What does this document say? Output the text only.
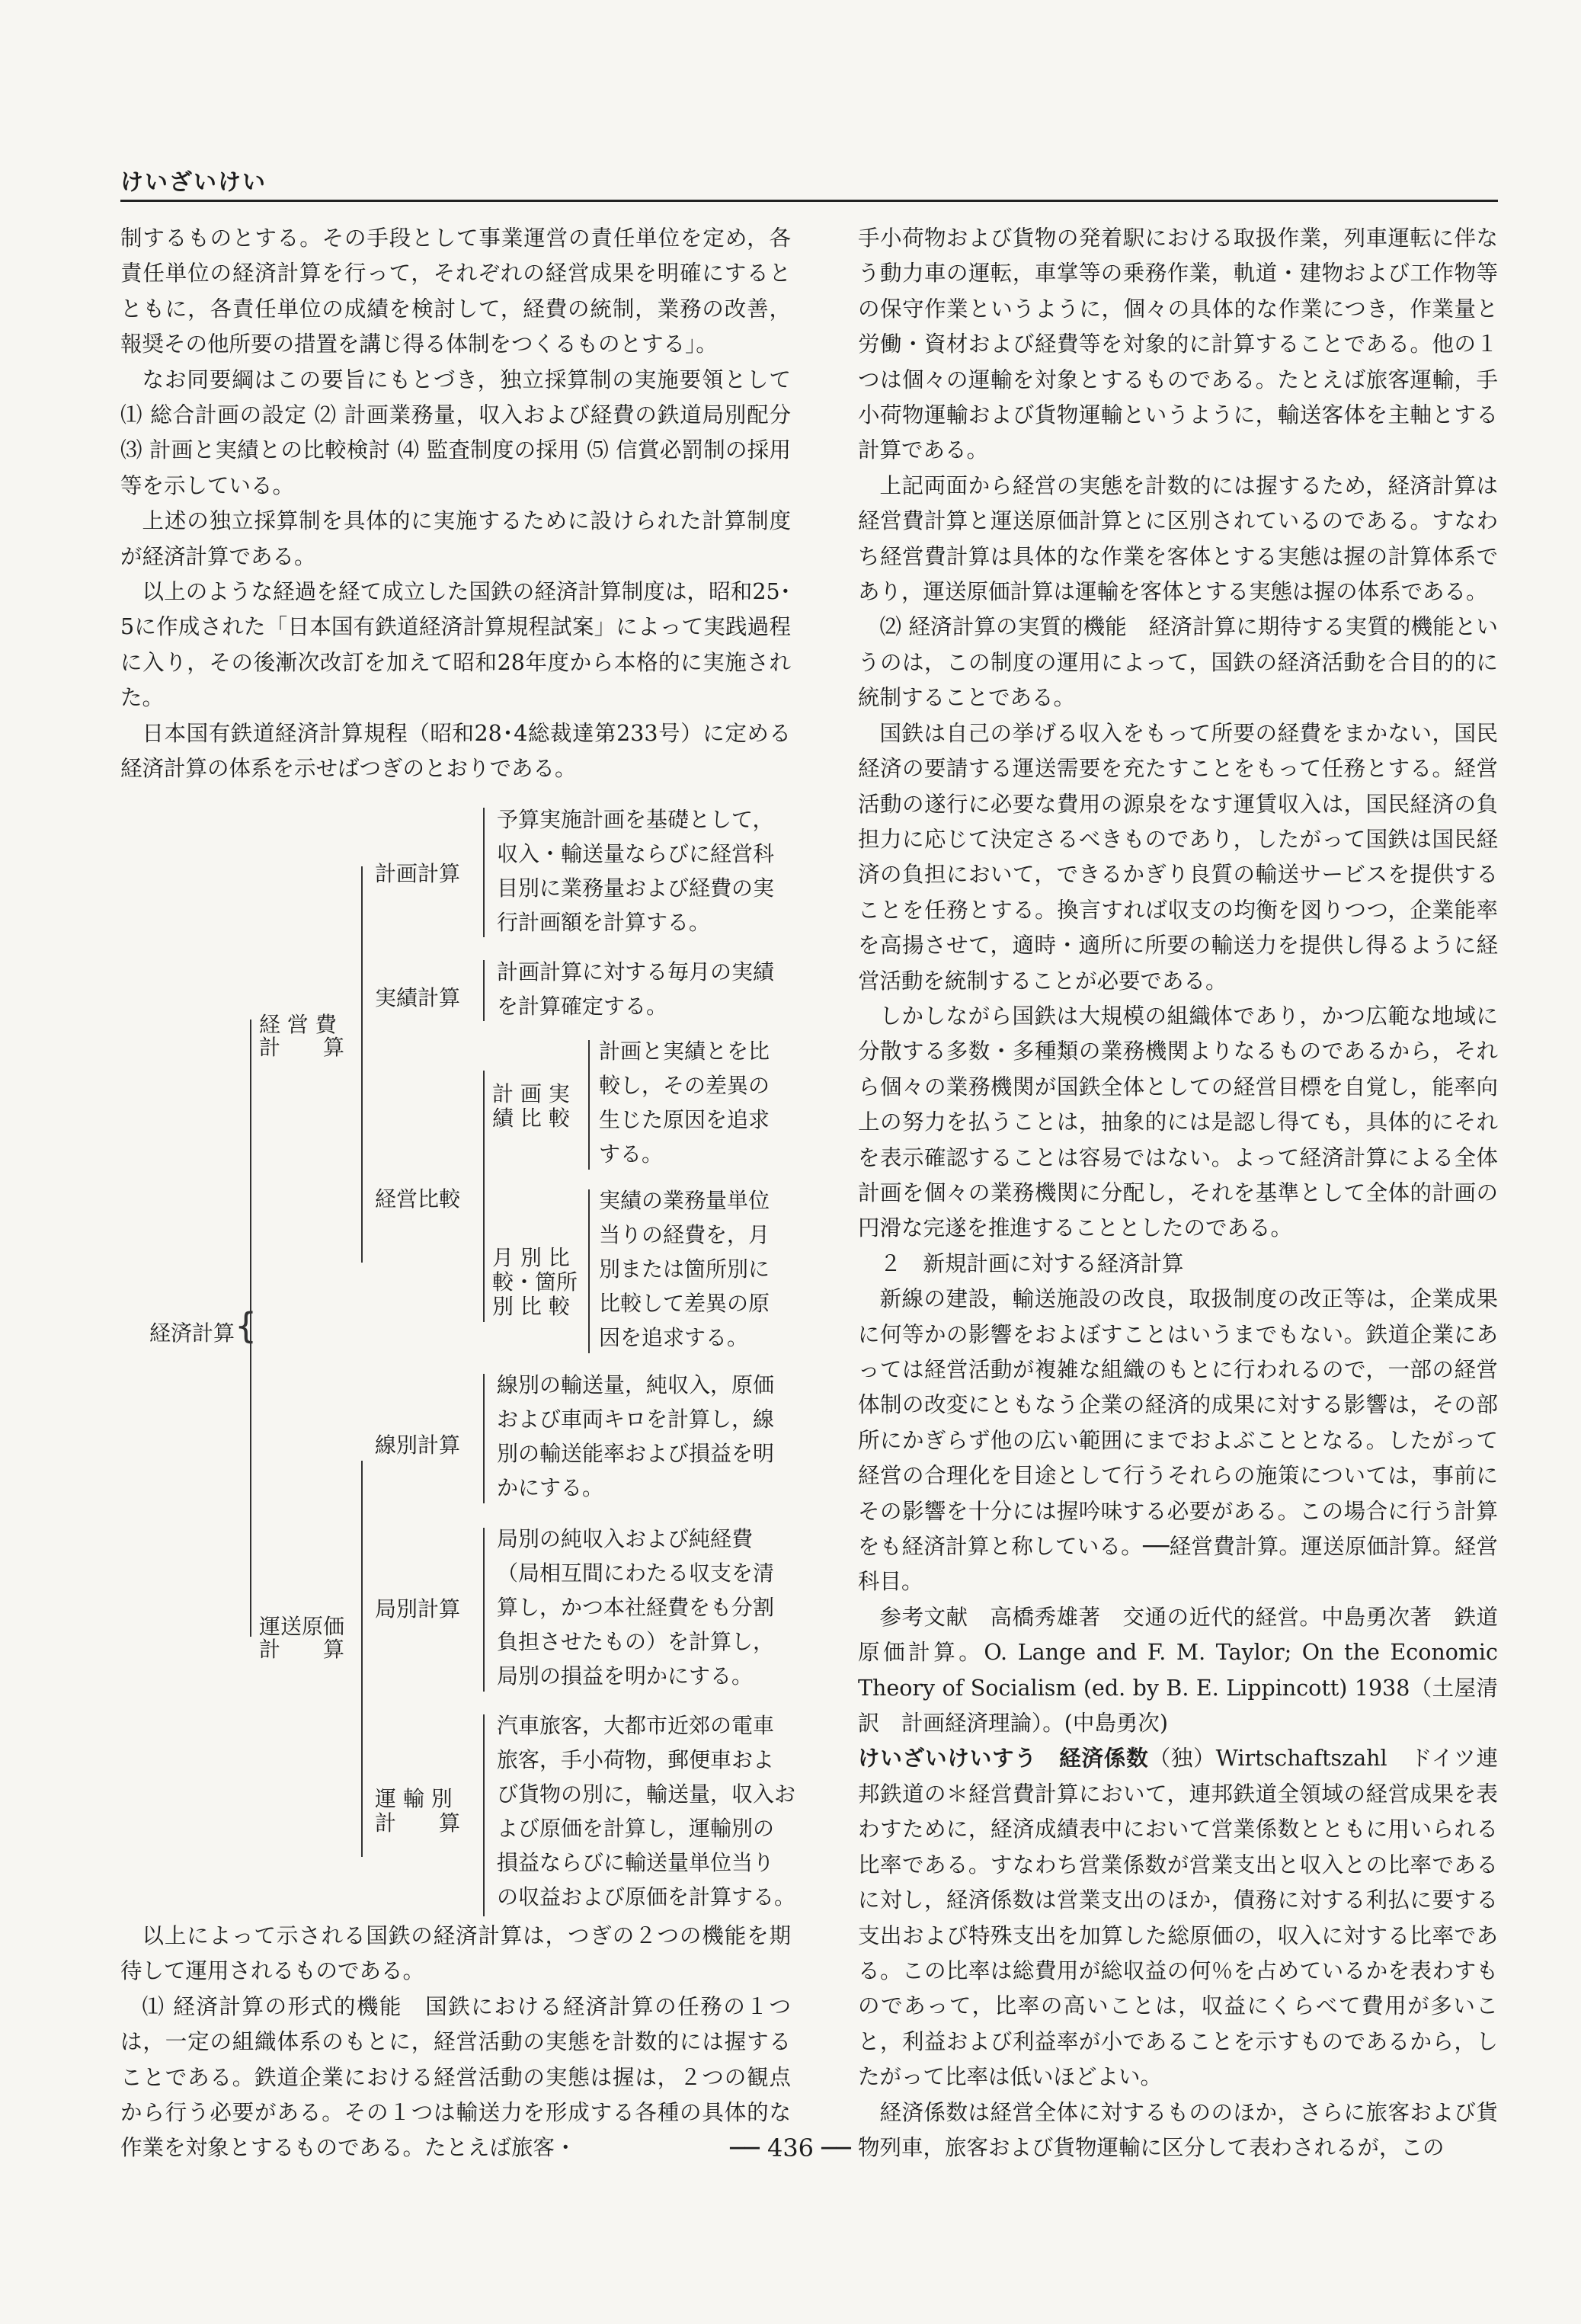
けいざいけい

制するものとする。その手段として事業運営の責任単位を定め，各責任単位の経済計算を行って，それぞれの経営成果を明確にするとともに，各責任単位の成績を検討して，経費の統制，業務の改善，報奨その他所要の措置を講じ得る体制をつくるものとする」。

なお同要綱はこの要旨にもとづき，独立採算制の実施要領として ⑴ 総合計画の設定 ⑵ 計画業務量，収入および経費の鉄道局別配分 ⑶ 計画と実績との比較検討 ⑷ 監査制度の採用 ⑸ 信賞必罰制の採用等を示している。

上述の独立採算制を具体的に実施するために設けられた計算制度が経済計算である。

以上のような経過を経て成立した国鉄の経済計算制度は，昭和25･5に作成された「日本国有鉄道経済計算規程試案」によって実践過程に入り，その後漸次改訂を加えて昭和28年度から本格的に実施された。

日本国有鉄道経済計算規程（昭和28･4総裁達第233号）に定める経済計算の体系を示せばつぎのとおりである。

経済計算 {
経 営 費
計　　算
運送原価
計　　算
計画計算
予算実施計画を基礎として，
収入・輸送量ならびに経営科
目別に業務量および経費の実
行計画額を計算する。
実績計算
計画計算に対する毎月の実績
を計算確定する。
経営比較
計 画 実
績 比 較
計画と実績とを比
較し，その差異の
生じた原因を追求
する。
月 別 比
較・箇所
別 比 較
実績の業務量単位
当りの経費を，月
別または箇所別に
比較して差異の原
因を追求する。
線別計算
線別の輸送量，純収入，原価
および車両キロを計算し，線
別の輸送能率および損益を明
かにする。
局別計算
局別の純収入および純経費
（局相互間にわたる収支を清
算し，かつ本社経費をも分割
負担させたもの）を計算し，
局別の損益を明かにする。
運 輸 別
計　　算
汽車旅客，大都市近郊の電車
旅客，手小荷物，郵便車およ
び貨物の別に，輸送量，収入お
よび原価を計算し，運輸別の
損益ならびに輸送量単位当り
の収益および原価を計算する。

以上によって示される国鉄の経済計算は，つぎの２つの機能を期待して運用されるものである。

⑴ 経済計算の形式的機能　国鉄における経済計算の任務の１つは，一定の組織体系のもとに，経営活動の実態を計数的には握することである。鉄道企業における経営活動の実態は握は，２つの観点から行う必要がある。その１つは輸送力を形成する各種の具体的な作業を対象とするものである。たとえば旅客・

手小荷物および貨物の発着駅における取扱作業，列車運転に伴なう動力車の運転，車掌等の乗務作業，軌道・建物および工作物等の保守作業というように，個々の具体的な作業につき，作業量と労働・資材および経費等を対象的に計算することである。他の１つは個々の運輸を対象とするものである。たとえば旅客運輸，手小荷物運輸および貨物運輸というように，輸送客体を主軸とする計算である。

上記両面から経営の実態を計数的には握するため，経済計算は経営費計算と運送原価計算とに区別されているのである。すなわち経営費計算は具体的な作業を客体とする実態は握の計算体系であり，運送原価計算は運輸を客体とする実態は握の体系である。

⑵ 経済計算の実質的機能　経済計算に期待する実質的機能というのは，この制度の運用によって，国鉄の経済活動を合目的的に統制することである。

国鉄は自己の挙げる収入をもって所要の経費をまかない，国民経済の要請する運送需要を充たすことをもって任務とする。経営活動の遂行に必要な費用の源泉をなす運賃収入は，国民経済の負担力に応じて決定さるべきものであり，したがって国鉄は国民経済の負担において，できるかぎり良質の輸送サービスを提供することを任務とする。換言すれば収支の均衡を図りつつ，企業能率を高揚させて，適時・適所に所要の輸送力を提供し得るように経営活動を統制することが必要である。

しかしながら国鉄は大規模の組織体であり，かつ広範な地域に分散する多数・多種類の業務機関よりなるものであるから，それら個々の業務機関が国鉄全体としての経営目標を自覚し，能率向上の努力を払うことは，抽象的には是認し得ても，具体的にそれを表示確認することは容易ではない。よって経済計算による全体計画を個々の業務機関に分配し，それを基準として全体的計画の円滑な完遂を推進することとしたのである。

２　新規計画に対する経済計算

新線の建設，輸送施設の改良，取扱制度の改正等は，企業成果に何等かの影響をおよぼすことはいうまでもない。鉄道企業にあっては経営活動が複雑な組織のもとに行われるので，一部の経営体制の改変にともなう企業の経済的成果に対する影響は，その部所にかぎらず他の広い範囲にまでおよぶこととなる。したがって経営の合理化を目途として行うそれらの施策については，事前にその影響を十分には握吟味する必要がある。この場合に行う計算をも経済計算と称している。──経営費計算。運送原価計算。経営科目。

参考文献　高橋秀雄著　交通の近代的経営。中島勇次著　鉄道原価計算。O. Lange and F. M. Taylor; On the Economic Theory of Socialism (ed. by B. E. Lippincott) 1938（土屋清訳　計画経済理論）。(中島勇次)

けいざいけいすう　経済係数（独）Wirtschaftszahl　ドイツ連邦鉄道の＊経営費計算において，連邦鉄道全領域の経営成果を表わすために，経済成績表中において営業係数とともに用いられる比率である。すなわち営業係数が営業支出と収入との比率であるに対し，経済係数は営業支出のほか，債務に対する利払に要する支出および特殊支出を加算した総原価の，収入に対する比率である。この比率は総費用が総収益の何％を占めているかを表わすものであって，比率の高いことは，収益にくらべて費用が多いこと，利益および利益率が小であることを示すものであるから，したがって比率は低いほどよい。

経済係数は経営全体に対するもののほか，さらに旅客および貨物列車，旅客および貨物運輸に区分して表わされるが，この

── 436 ──
